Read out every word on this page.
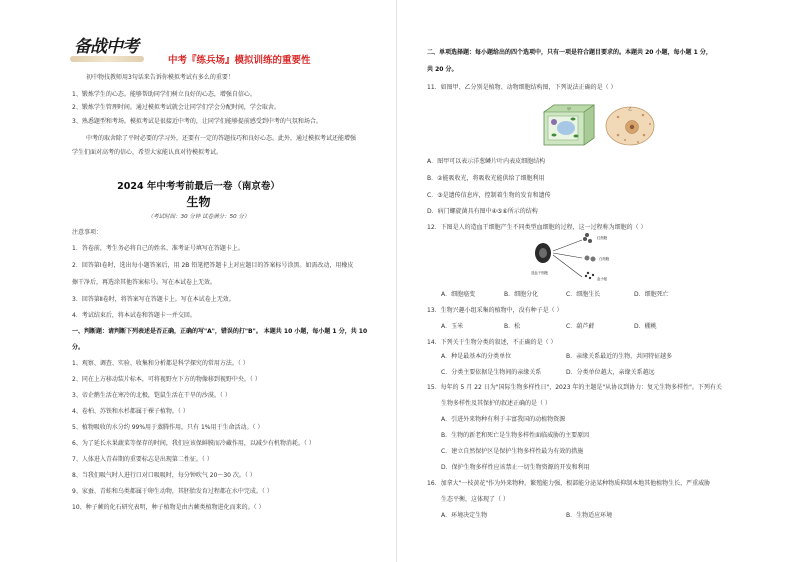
备战中考
中考『练兵场』模拟训练的重要性
初中物技教师用3句话来告诉你模拟考试有多么的重要！
1、锻炼学生的心态。能够帮助同学们树立良好的心态，增强自信心。
2、锻炼学生管理时间。通过模拟考试就会让同学们学会分配时间，学会取舍。
3、熟悉题型和考场。模拟考试是很接近中考的，让同学们能够提前感受到中考的气氛和场合。
中考的取舍除了平时必要的学习外，还要有一定的答题技巧和良好心态。此外，通过模拟考试还能增强
学生们面对高考的信心，希望大家能认真对待模拟考试。
2024 年中考考前最后一卷（南京卷）
生物
（考试时间：30 分钟 试卷满分：50 分）
注意事项：
1．答卷前，考生务必将自己的姓名、准考证号填写在答题卡上。
2．回答第Ⅰ卷时，选出每小题答案后，用 2B 铅笔把答题卡上对应题目的答案标号涂黑。如需改动，用橡皮
擦干净后，再选涂其他答案标号。写在本试卷上无效。
3．回答第Ⅱ卷时，将答案写在答题卡上。写在本试卷上无效。
4．考试结束后，将本试卷和答题卡一并交回。
一、判断题：请判断下列表述是否正确，正确的写"A"，错误的打"B"。 本题共 10 小题，每小题 1 分，共 10
分。
1、观察、调查、实验、收集和分析都是科学探究的常用方法。（ ）
2、同在上方移动装片标本，可将视野左下方的物像移到视野中央。（ ）
3、帝企鹅生活在寒冷的北极，铠鼠生活在干旱的沙漠。（ ）
4、卷柏、苏铁和水杉都属于裸子植物。（ ）
5、植物吸收的水分约 99%用于蒸腾作用，只有 1%用于生命活动。（ ）
6、为了延长水果蔬菜等保存的时间，我们应该保鲜膜而冷藏作用，以减少有机物消耗。（ ）
7、人体进入青春期的重要标志是出现第二性征。（ ）
8、当我们吸气时人进行口对口吸吸时，每分钟吹气 20～30 次。（ ）
9、家蚕、青蛙和乌类都属于卵生动物，其胚胎发育过程都在水中完成。（ ）
10、种子蕨的化石研究表明，种子植物是由古蕨类植物进化而来的。（ ）
二、单项选择题：每小题给出的四个选项中，只有一项是符合题目要求的。本题共 20 小题，每小题 1 分，
共 20 分。
11．如图甲、乙分别是植物、动物细胞结构图，下列说法正确的是（ ）
甲	乙
A．图甲可以表示洋葱鳞片叶内表皮细胞结构
B．②能吸收光，将吸收光能供给了细胞利用
C．③是遗传信息库，控制着生物的发育和遗传
D．病门螺旋菌具有图中④⑤⑥所示的结构
12．下图是人的造血干细胞产生不同类型血细胞的过程，这一过程称为细胞的（ ）
红细胞
白细胞
血小板
造血干细胞
A．细胞癌变	B．细胞分化	C．细胞生长	D．细胞死亡
13．生物兴趣小组采集的植物中，没有种子是（ ）
A．玉米	B．松	C．葫芦藓	D．棚桃
14．下列关于生物分类的叙述，不正确的是（ ）
A．种是最基本的分类单位	B．亲缘关系最近的生物，共同特征越多
C．分类主要依据是生物间的亲缘关系	D．分类单位越大，亲缘关系越远
15．每年的 5 月 22 日为"国际生物多样性日"，2023 年的主题是"从协议到协力：复元生物多样性"。下列有关
生物多样性及其保护的叙述正确的是（ ）
A．引进外来物种有利于丰富我国的动植物资源
B．生物的新老和死亡是生物多样性面临威胁的主要原因
C．建立自然保护区是保护生物多样性最为有效的措施
D．保护生物多样性应该禁止一切生物资源的开发和利用
16．加拿大"一枝黄花"作为外来物种，繁殖能力强，根部能分泌某种物质抑制本地其他植物生长，严重威胁
生态平衡，这体现了（ ）
A．环境决定生物	B．生物适应环境
